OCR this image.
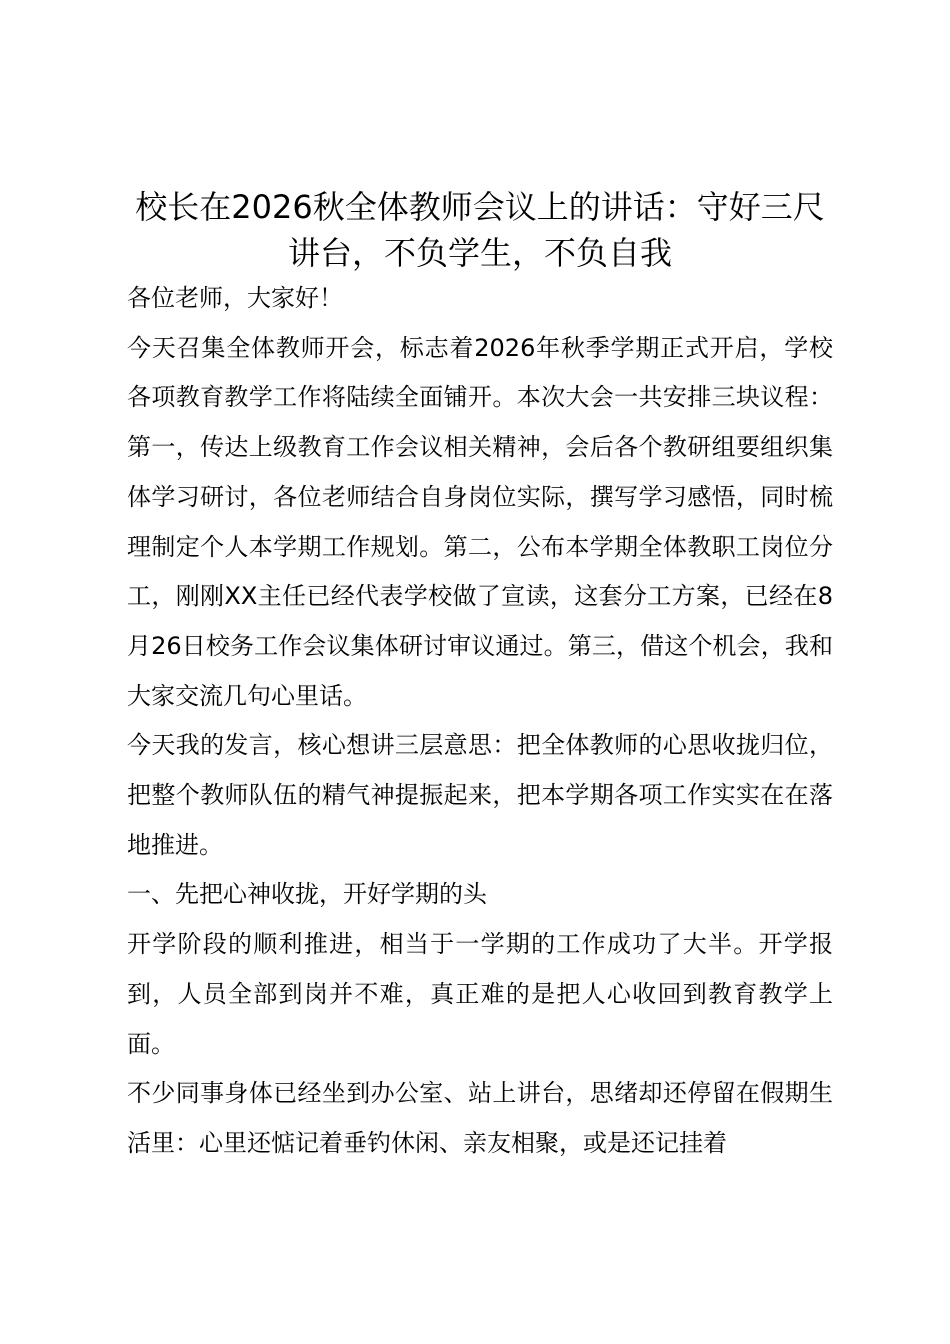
校长在2026秋全体教师会议上的讲话：守好三尺讲台，不负学生，不负自我

各位老师，大家好！

今天召集全体教师开会，标志着2026年秋季学期正式开启，学校各项教育教学工作将陆续全面铺开。本次大会一共安排三块议程：第一，传达上级教育工作会议相关精神，会后各个教研组要组织集体学习研讨，各位老师结合自身岗位实际，撰写学习感悟，同时梳理制定个人本学期工作规划。第二，公布本学期全体教职工岗位分工，刚刚XX主任已经代表学校做了宣读，这套分工方案，已经在8月26日校务工作会议集体研讨审议通过。第三，借这个机会，我和大家交流几句心里话。

今天我的发言，核心想讲三层意思：把全体教师的心思收拢归位，把整个教师队伍的精气神提振起来，把本学期各项工作实实在在落地推进。

一、先把心神收拢，开好学期的头

开学阶段的顺利推进，相当于一学期的工作成功了大半。开学报到，人员全部到岗并不难，真正难的是把人心收回到教育教学上面。

不少同事身体已经坐到办公室、站上讲台，思绪却还停留在假期生活里：心里还惦记着垂钓休闲、亲友相聚，或是还记挂着
